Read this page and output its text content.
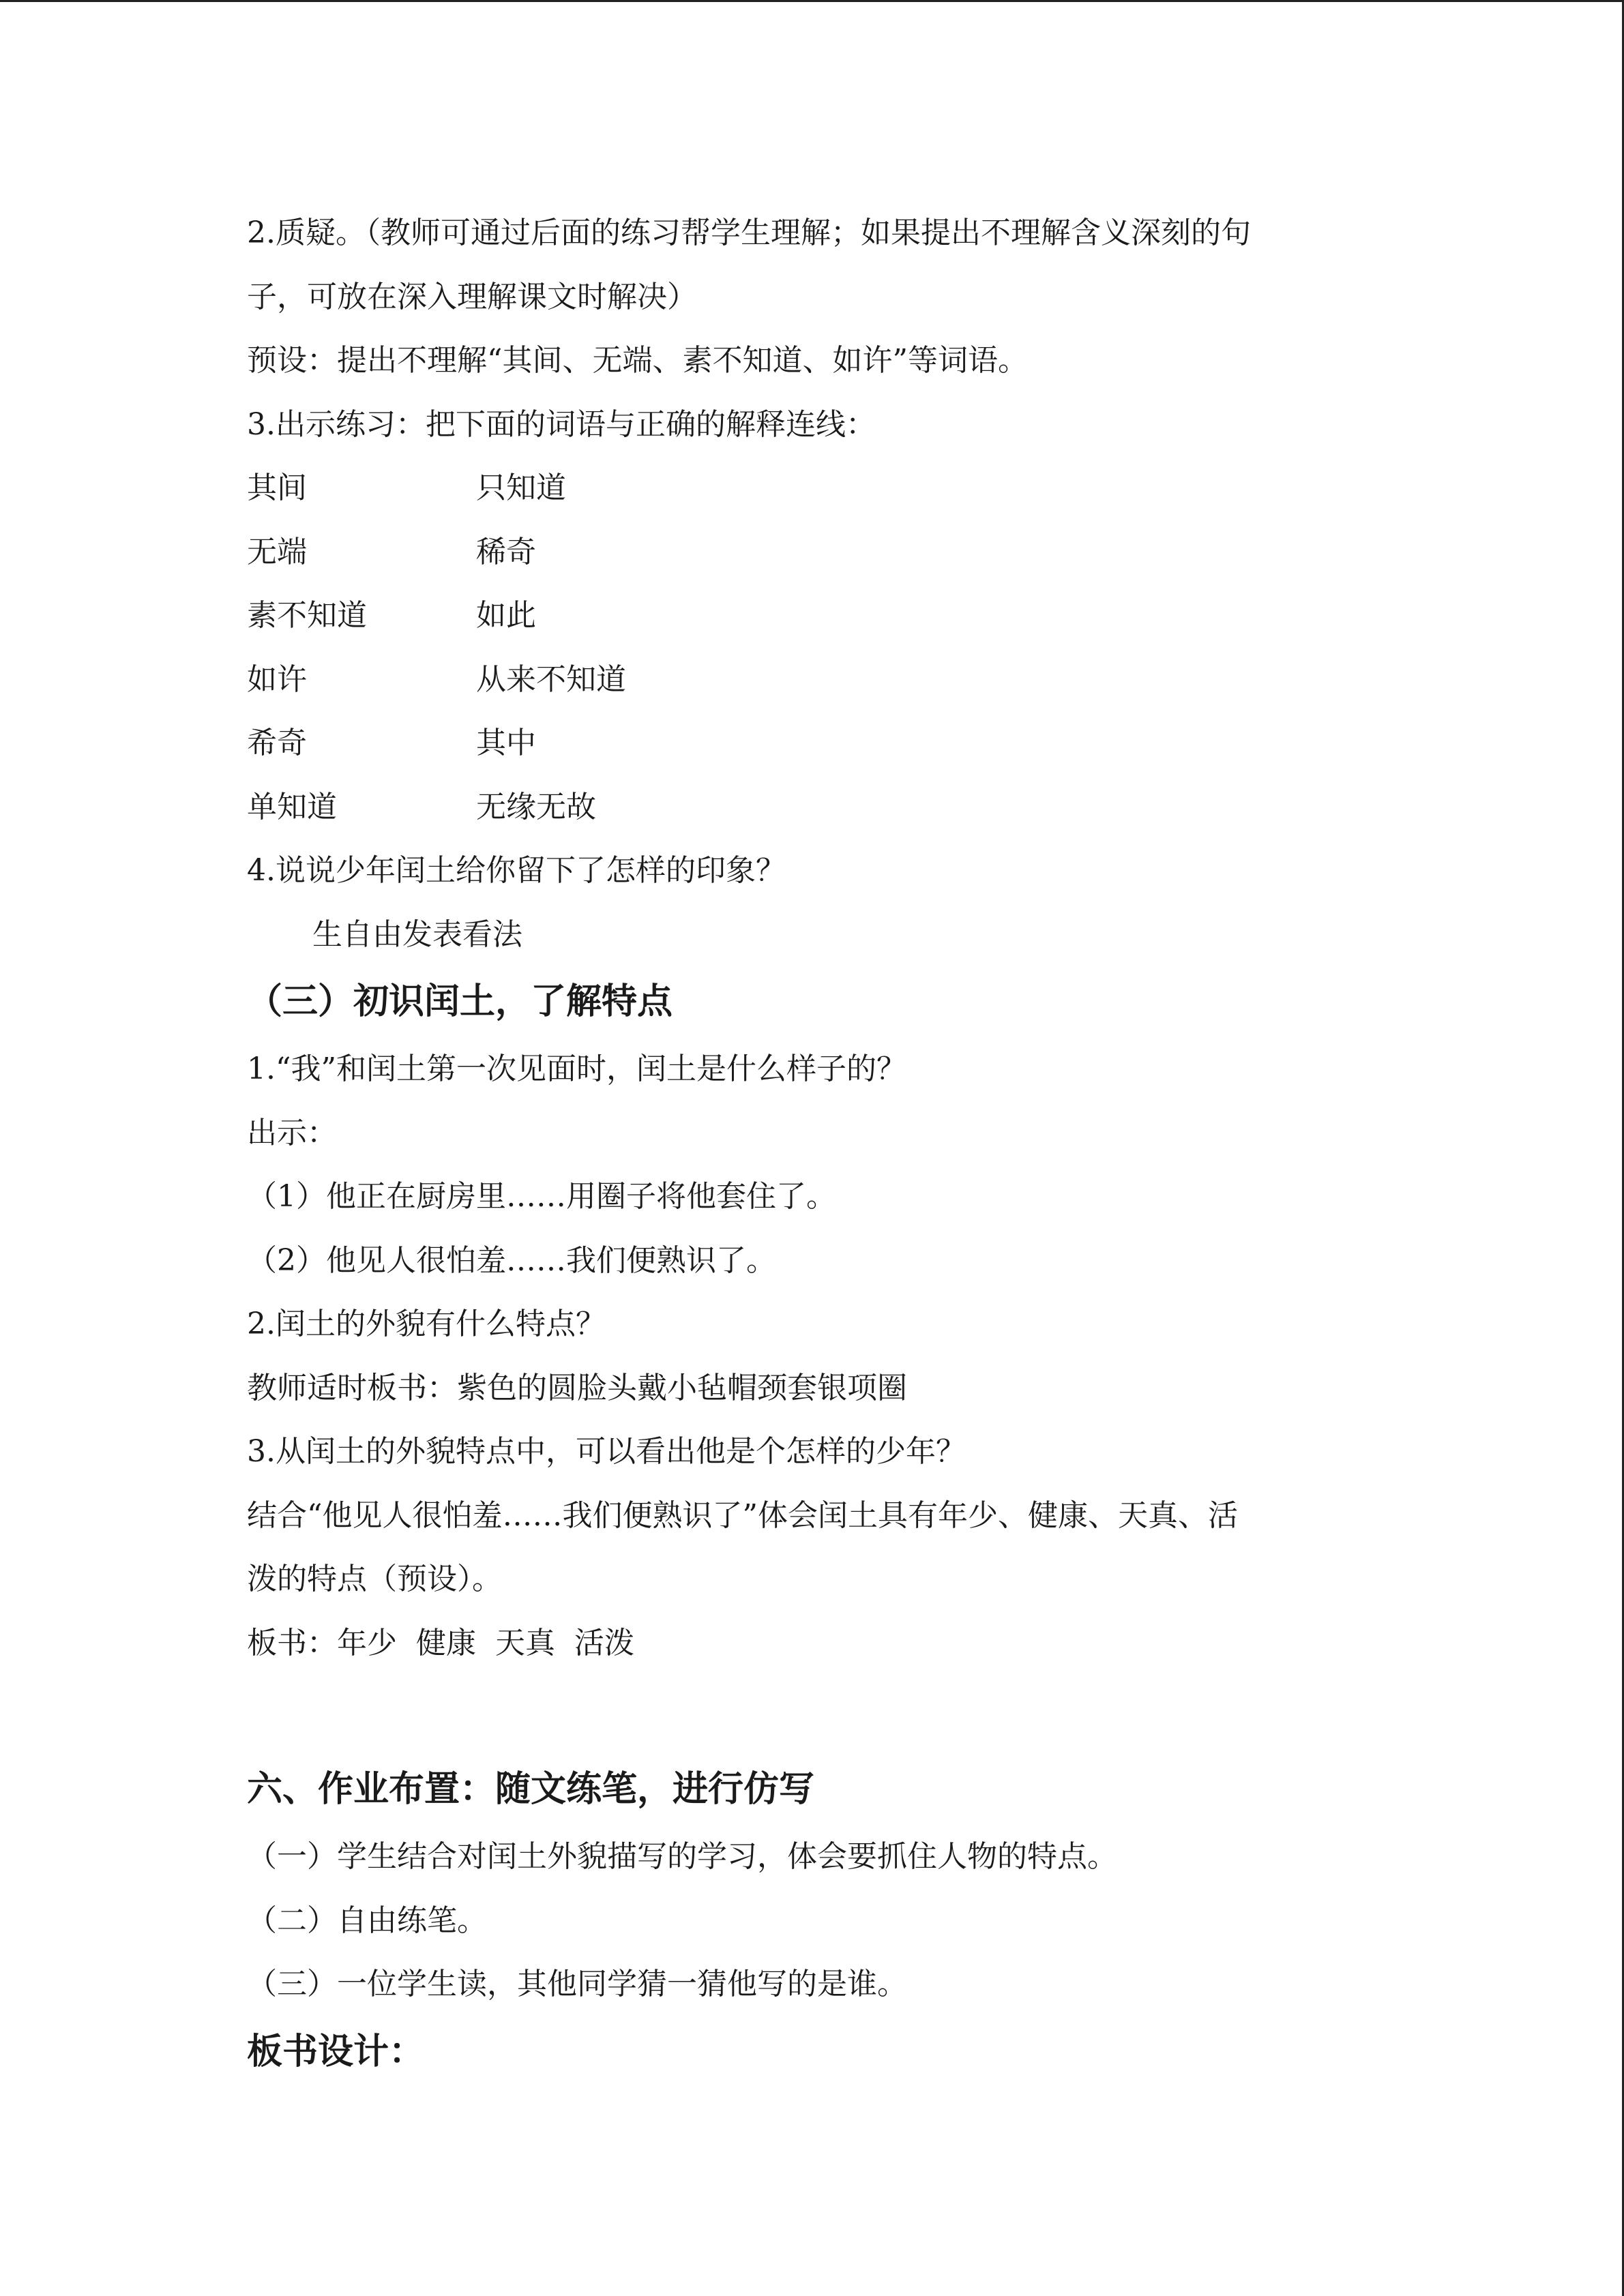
2.质疑。（教师可通过后面的练习帮学生理解；如果提出不理解含义深刻的句
子，可放在深入理解课文时解决）
预设：提出不理解“其间、无端、素不知道、如许”等词语。
3.出示练习：把下面的词语与正确的解释连线：
其间	只知道
无端	稀奇
素不知道	如此
如许	从来不知道
希奇	其中
单知道	无缘无故
4.说说少年闰土给你留下了怎样的印象？
生自由发表看法
（三）初识闰土，了解特点
1.“我”和闰土第一次见面时，闰土是什么样子的？
出示：
（1）他正在厨房里……用圈子将他套住了。
（2）他见人很怕羞……我们便熟识了。
2.闰土的外貌有什么特点？
教师适时板书：紫色的圆脸头戴小毡帽颈套银项圈
3.从闰土的外貌特点中，可以看出他是个怎样的少年？
结合“他见人很怕羞……我们便熟识了”体会闰土具有年少、健康、天真、活
泼的特点（预设）。
板书：年少  健康  天真  活泼
六、作业布置：随文练笔，进行仿写
（一）学生结合对闰土外貌描写的学习，体会要抓住人物的特点。
（二）自由练笔。
（三）一位学生读，其他同学猜一猜他写的是谁。
板书设计：
